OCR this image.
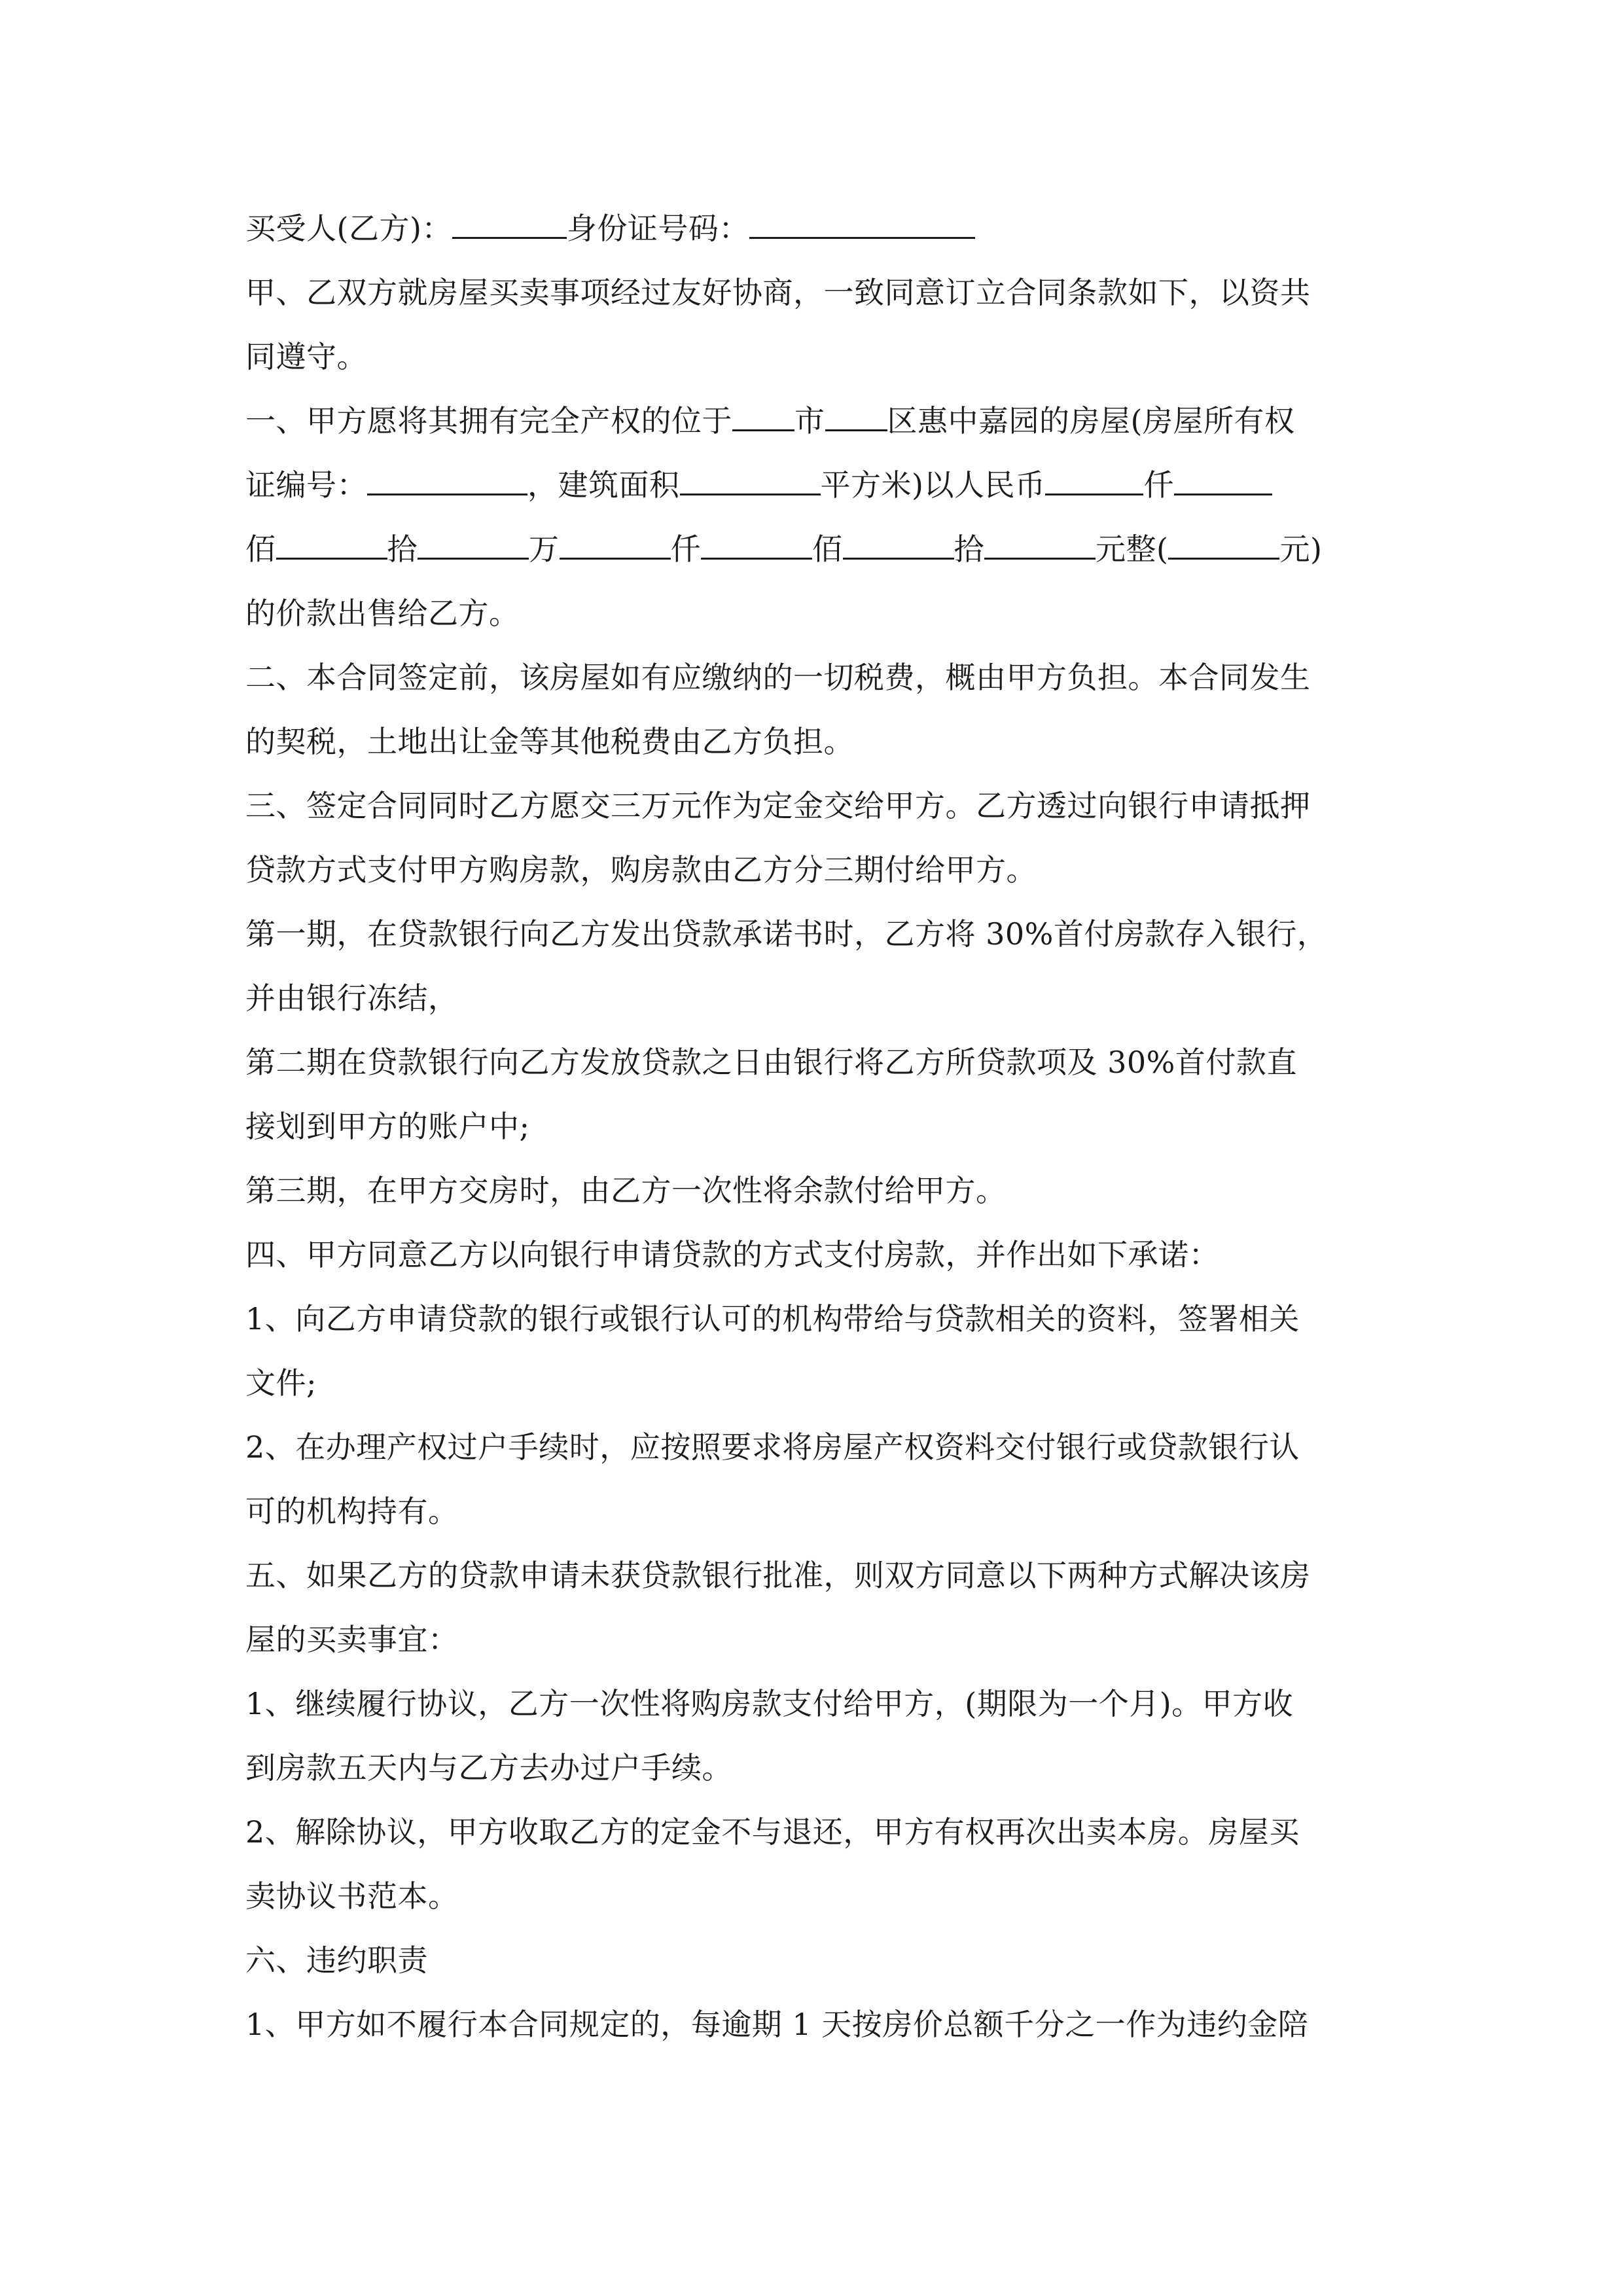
买受人(乙方)：	身份证号码：
甲、乙双方就房屋买卖事项经过友好协商，一致同意订立合同条款如下，以资共
同遵守。
一、甲方愿将其拥有完全产权的位于 市 区惠中嘉园的房屋(房屋所有权
证编号：	，建筑面积	平方米)以人民币	仟
佰	拾	万	仟	佰	拾	元整(	元)
的价款出售给乙方。
二、本合同签定前，该房屋如有应缴纳的一切税费，概由甲方负担。本合同发生
的契税，土地出让金等其他税费由乙方负担。
三、签定合同同时乙方愿交三万元作为定金交给甲方。乙方透过向银行申请抵押
贷款方式支付甲方购房款，购房款由乙方分三期付给甲方。
第一期，在贷款银行向乙方发出贷款承诺书时，乙方将 30%首付房款存入银行，
并由银行冻结，
第二期在贷款银行向乙方发放贷款之日由银行将乙方所贷款项及 30%首付款直
接划到甲方的账户中;
第三期，在甲方交房时，由乙方一次性将余款付给甲方。
四、甲方同意乙方以向银行申请贷款的方式支付房款，并作出如下承诺：
1、向乙方申请贷款的银行或银行认可的机构带给与贷款相关的资料，签署相关
文件;
2、在办理产权过户手续时，应按照要求将房屋产权资料交付银行或贷款银行认
可的机构持有。
五、如果乙方的贷款申请未获贷款银行批准，则双方同意以下两种方式解决该房
屋的买卖事宜：
1、继续履行协议，乙方一次性将购房款支付给甲方，(期限为一个月)。甲方收
到房款五天内与乙方去办过户手续。
2、解除协议，甲方收取乙方的定金不与退还，甲方有权再次出卖本房。房屋买
卖协议书范本。
六、违约职责
1、甲方如不履行本合同规定的，每逾期 1 天按房价总额千分之一作为违约金陪
